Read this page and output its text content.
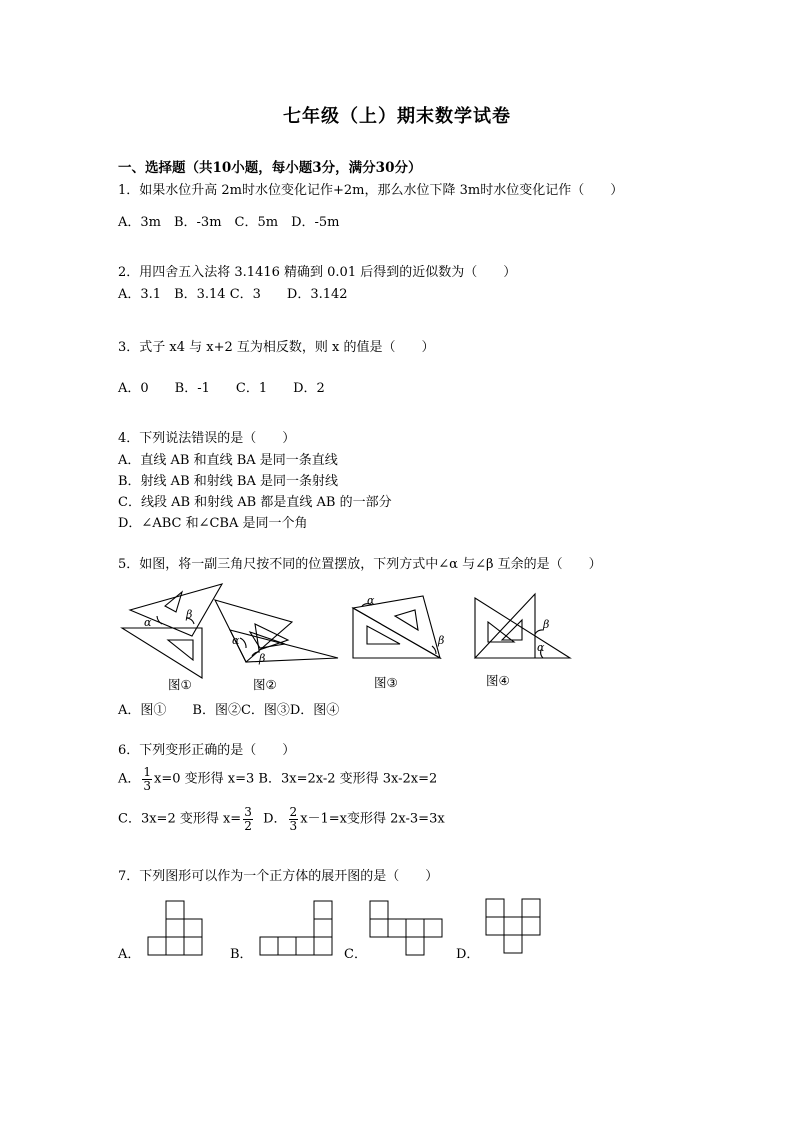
七年级（上）期末数学试卷
一、选择题（共10小题，每小题3分，满分30分）
1．如果水位升高 2m时水位变化记作+2m，那么水位下降 3m时水位变化记作（　　）
A．3m　B．-3m　C．5m　D．-5m
2．用四舍五入法将 3.1416 精确到 0.01 后得到的近似数为（　　）
A．3.1　B．3.14 C．3　　D．3.142
3．式子 x4 与 x+2 互为相反数，则 x 的值是（　　）
A．0　　B．-1　　C．1　　D．2
4．下列说法错误的是（　　）
A．直线 AB 和直线 BA 是同一条直线
B．射线 AB 和射线 BA 是同一条射线
C．线段 AB 和射线 AB 都是直线 AB 的一部分
D．∠ABC 和∠CBA 是同一个角
5．如图，将一副三角尺按不同的位置摆放，下列方式中∠α 与∠β 互余的是（　　）
α
β
α
β
α
β
β
α
图①	图②	图③	图④
A．图①　　B．图②C．图③D．图④
6．下列变形正确的是（　　）
A． $\frac{1}{3} x=0$ 变形得 x=3 B．3x=2x-2 变形得 3x-2x=2
C．3x=2 变形得 $x= \frac{3}{2}$ D． $\frac{2}{3} x-1=x$变形得 2x-3=3x
7．下列图形可以作为一个正方体的展开图的是（　　）
A．	B．	C．	D．
